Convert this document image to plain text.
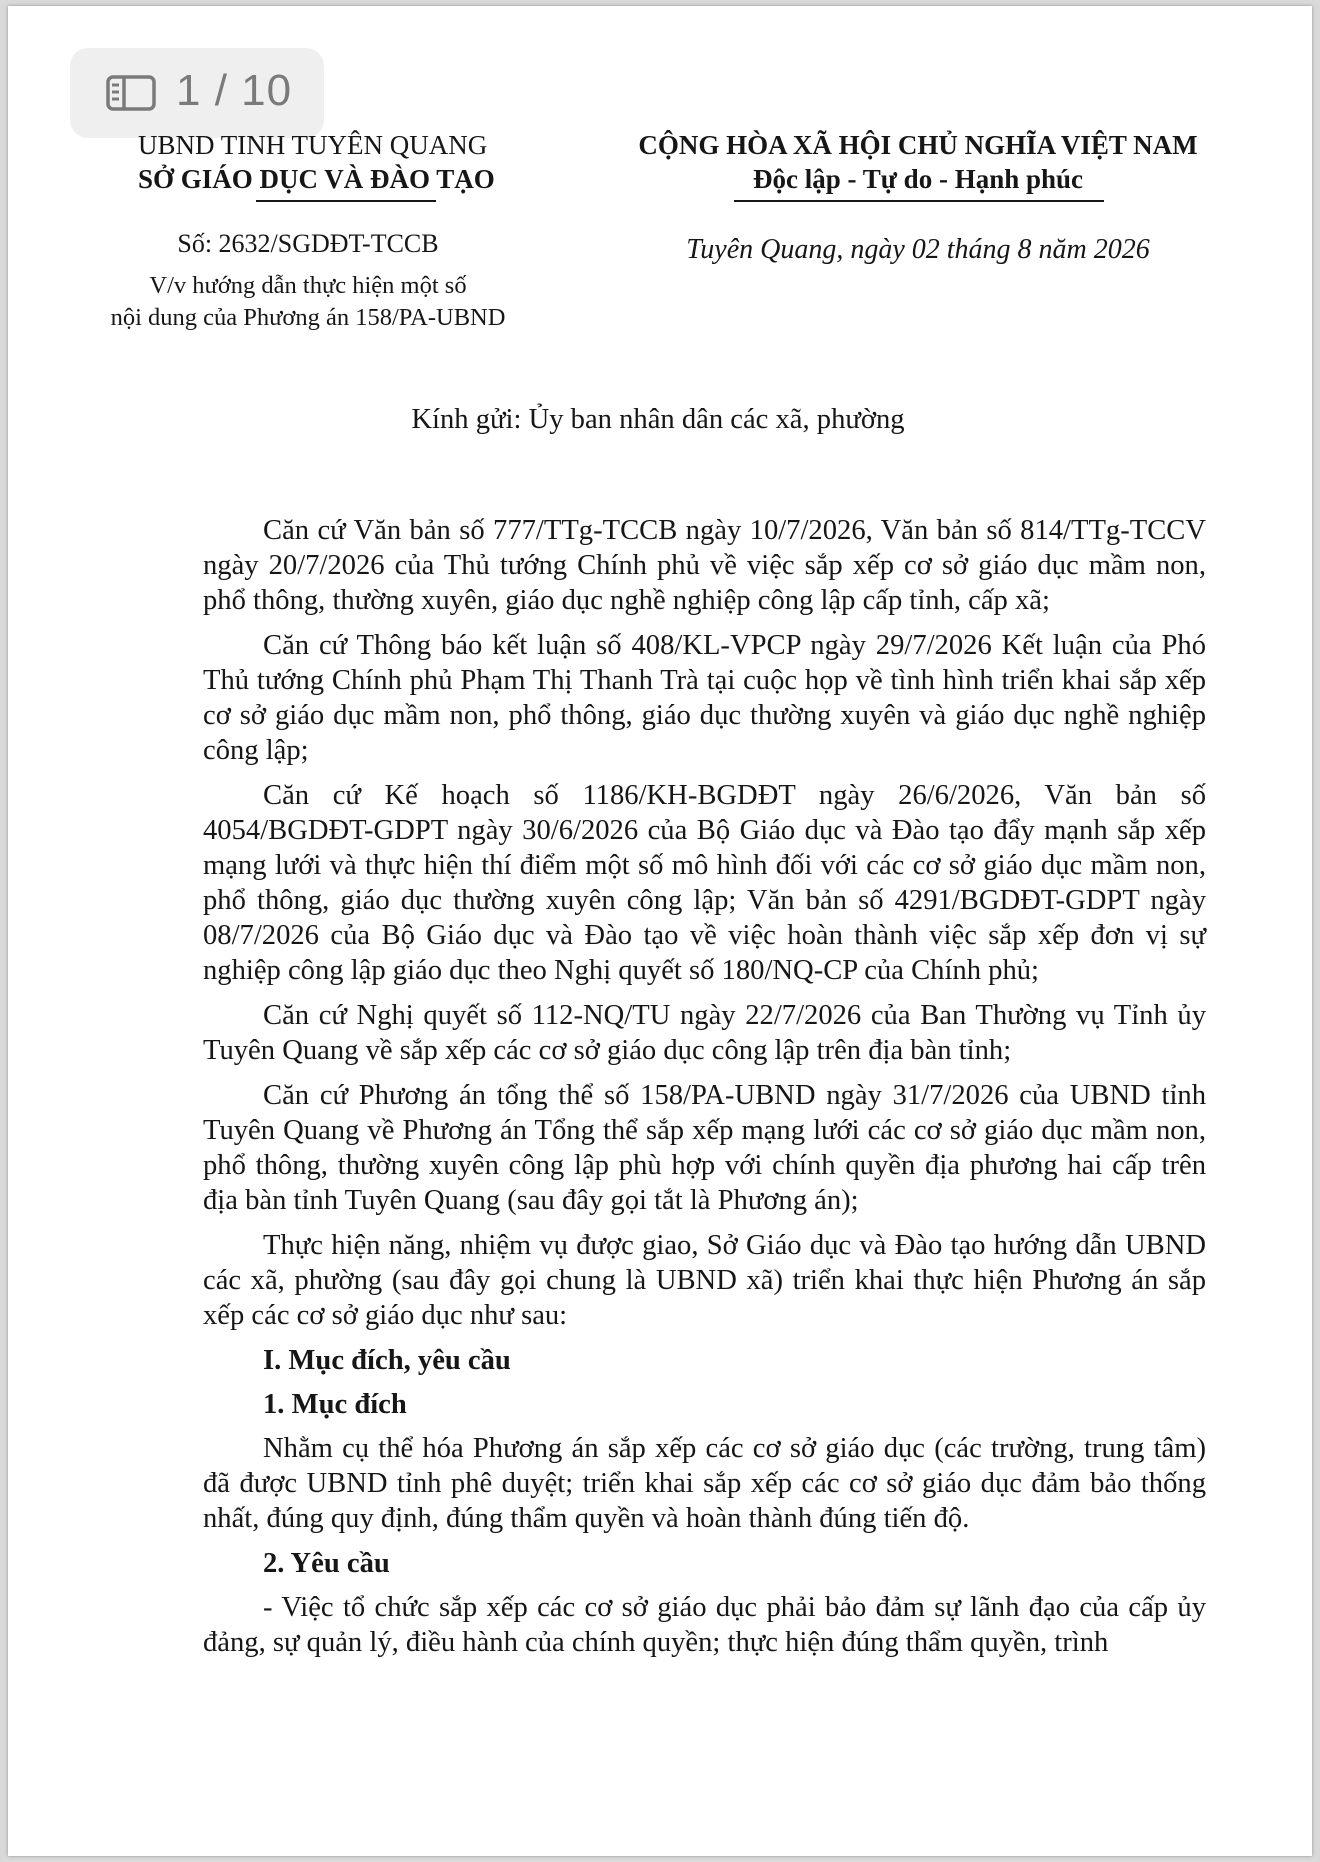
1 / 10
UBND TINH TUYÊN QUANG
SỞ GIÁO DỤC VÀ ĐÀO TẠO
CỘNG HÒA XÃ HỘI CHỦ NGHĨA VIỆT NAM
Độc lập - Tự do - Hạnh phúc
Số: 2632/SGDĐT-TCCB
V/v hướng dẫn thực hiện một số
nội dung của Phương án 158/PA-UBND
Tuyên Quang, ngày 02 tháng 8 năm 2026
Kính gửi: Ủy ban nhân dân các xã, phường

Căn cứ Văn bản số 777/TTg-TCCB ngày 10/7/2026, Văn bản số 814/TTg-TCCV ngày 20/7/2026 của Thủ tướng Chính phủ về việc sắp xếp cơ sở giáo dục mầm non, phổ thông, thường xuyên, giáo dục nghề nghiệp công lập cấp tỉnh, cấp xã;

Căn cứ Thông báo kết luận số 408/KL-VPCP ngày 29/7/2026 Kết luận của Phó Thủ tướng Chính phủ Phạm Thị Thanh Trà tại cuộc họp về tình hình triển khai sắp xếp cơ sở giáo dục mầm non, phổ thông, giáo dục thường xuyên và giáo dục nghề nghiệp công lập;

Căn cứ Kế hoạch số 1186/KH-BGDĐT ngày 26/6/2026, Văn bản số 4054/BGDĐT-GDPT ngày 30/6/2026 của Bộ Giáo dục và Đào tạo đẩy mạnh sắp xếp mạng lưới và thực hiện thí điểm một số mô hình đối với các cơ sở giáo dục mầm non, phổ thông, giáo dục thường xuyên công lập; Văn bản số 4291/BGDĐT-GDPT ngày 08/7/2026 của Bộ Giáo dục và Đào tạo về việc hoàn thành việc sắp xếp đơn vị sự nghiệp công lập giáo dục theo Nghị quyết số 180/NQ-CP của Chính phủ;

Căn cứ Nghị quyết số 112-NQ/TU ngày 22/7/2026 của Ban Thường vụ Tỉnh ủy Tuyên Quang về sắp xếp các cơ sở giáo dục công lập trên địa bàn tỉnh;

Căn cứ Phương án tổng thể số 158/PA-UBND ngày 31/7/2026 của UBND tỉnh Tuyên Quang về Phương án Tổng thể sắp xếp mạng lưới các cơ sở giáo dục mầm non, phổ thông, thường xuyên công lập phù hợp với chính quyền địa phương hai cấp trên địa bàn tỉnh Tuyên Quang (sau đây gọi tắt là Phương án);

Thực hiện năng, nhiệm vụ được giao, Sở Giáo dục và Đào tạo hướng dẫn UBND các xã, phường (sau đây gọi chung là UBND xã) triển khai thực hiện Phương án sắp xếp các cơ sở giáo dục như sau:

I. Mục đích, yêu cầu

1. Mục đích

Nhằm cụ thể hóa Phương án sắp xếp các cơ sở giáo dục (các trường, trung tâm) đã được UBND tỉnh phê duyệt; triển khai sắp xếp các cơ sở giáo dục đảm bảo thống nhất, đúng quy định, đúng thẩm quyền và hoàn thành đúng tiến độ.

2. Yêu cầu

- Việc tổ chức sắp xếp các cơ sở giáo dục phải bảo đảm sự lãnh đạo của cấp ủy đảng, sự quản lý, điều hành của chính quyền; thực hiện đúng thẩm quyền, trình
